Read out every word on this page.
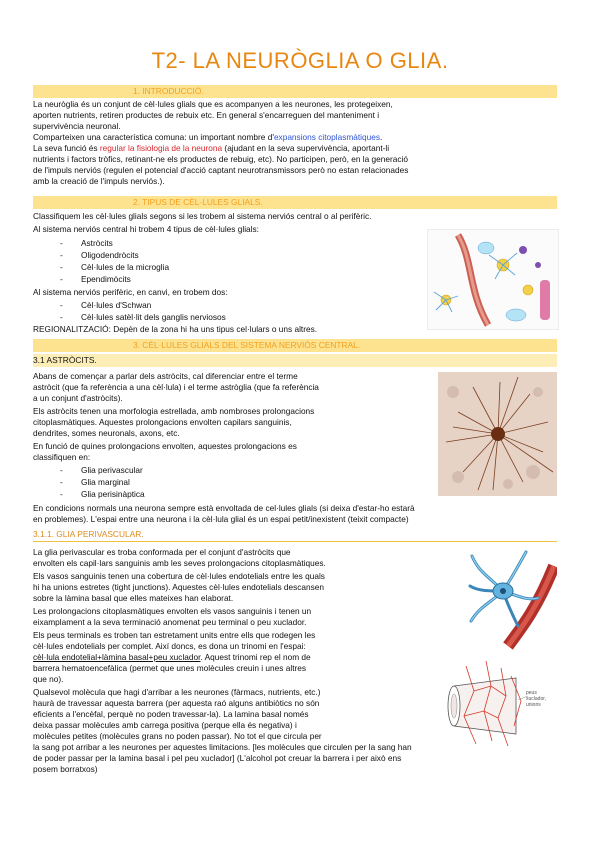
T2- LA NEURÒGLIA O GLIA.
1. INTRODUCCIÓ.
La neuròglia és un conjunt de cèl·lules glials que es acompanyen a les neurones, les protegeixen,
aporten nutrients, retiren productes de rebuix etc. En general s'encarreguen del manteniment i
supervivència neuronal.
Comparteixen una característica comuna: un important nombre d'expansions citoplasmàtiques.
La seva funció és regular la fisiologia de la neurona (ajudant en la seva supervivència, aportant-li
nutrients i factors tròfics, retinant-ne els productes de rebuig, etc). No participen, però, en la generació
de l'impuls nerviós (regulen el potencial d'acció captant neurotransmissors però no estan relacionades
amb la creació de l'impuls nerviós.).
2. TIPUS DE CÈL·LULES GLIALS.
Classifiquem les cèl·lules glials segons si les trobem al sistema nerviós central o al perifèric.
Al sistema nerviós central hi trobem 4 tipus de cèl·lules glials:
- Astròcits
- Oligodendròcits
- Cèl·lules de la microglia
- Ependimòcits
Al sistema nerviós perifèric, en canvi, en trobem dos:
- Cèl·lules d'Schwan
- Cèl·lules satèl·lit dels ganglis nerviosos
REGIONALITZACIÓ: Depèn de la zona hi ha uns tipus cel·lulars o uns altres.
3. CÈL·LULES GLIALS DEL SISTEMA NERVIÓS CENTRAL.
3.1 ASTRÒCITS.
Abans de començar a parlar dels astròcits, cal diferenciar entre el terme
astròcit (que fa referència a una cèl·lula) i el terme astròglia (que fa referència
a un conjunt d'astròcits).
Els astròcits tenen una morfologia estrellada, amb nombroses prolongacions
citoplasmàtiques. Aquestes prolongacions envolten capilars sanguinis,
dendrites, somes neuronals, axons, etc.
En funció de quines prolongacions envolten, aquestes prolongacions es
classifiquen en:
- Glia perivascular
- Glia marginal
- Glia perisinàptica
En condicions normals una neurona sempre està envoltada de cel·lules glials (si deixa d'estar-ho estarà
en problemes). L'espai entre una neurona i la cèl·lula glial és un espai petit/inexistent (teixit compacte)
3.1.1. GLIA PERIVASCULAR.
La glia perivascular es troba conformada per el conjunt d'astròcits que
envolten els capil·lars sanguinis amb les seves prolongacions citoplasmàtiques.
Els vasos sanguinis tenen una cobertura de cèl·lules endotelials entre les quals
hi ha unions estretes (tight junctions). Aquestes cèl·lules endotelials descansen
sobre la làmina basal que elles mateixes han elaborat.
Les prolongacions citoplasmàtiques envolten els vasos sanguinis i tenen un
eixamplament a la seva terminació anomenat peu terminal o peu xuclador.
Els peus terminals es troben tan estretament units entre ells que rodegen les
cèl·lules endotelials per complet. Així doncs, es dona un trinomi en l'espai:
cèl·lula endotelial+làmina basal+peu xuclador. Aquest trinomi rep el nom de
barrera hematoencefàlica (permet que unes molècules creuin i unes altres
que no).
Qualsevol molècula que hagi d'arribar a les neurones (fàrmacs, nutrients, etc.)
haurà de travessar aquesta barrera (per aquesta raó alguns antibiòtics no són
eficients a l'encèfal, perquè no poden travessar-la). La lamina basal només
deixa passar molècules amb carrega positiva (perque ella és negativa) i
molècules petites (molècules grans no poden passar). No tot el que circula per
la sang pot arribar a les neurones per aquestes limitacions. [les molècules que circulen per la sang han
de poder passar per la lamina basal i pel peu xuclador] (L'alcohol pot creuar la barrera i per això ens
posem borratxos)
peus xuclador, unions
